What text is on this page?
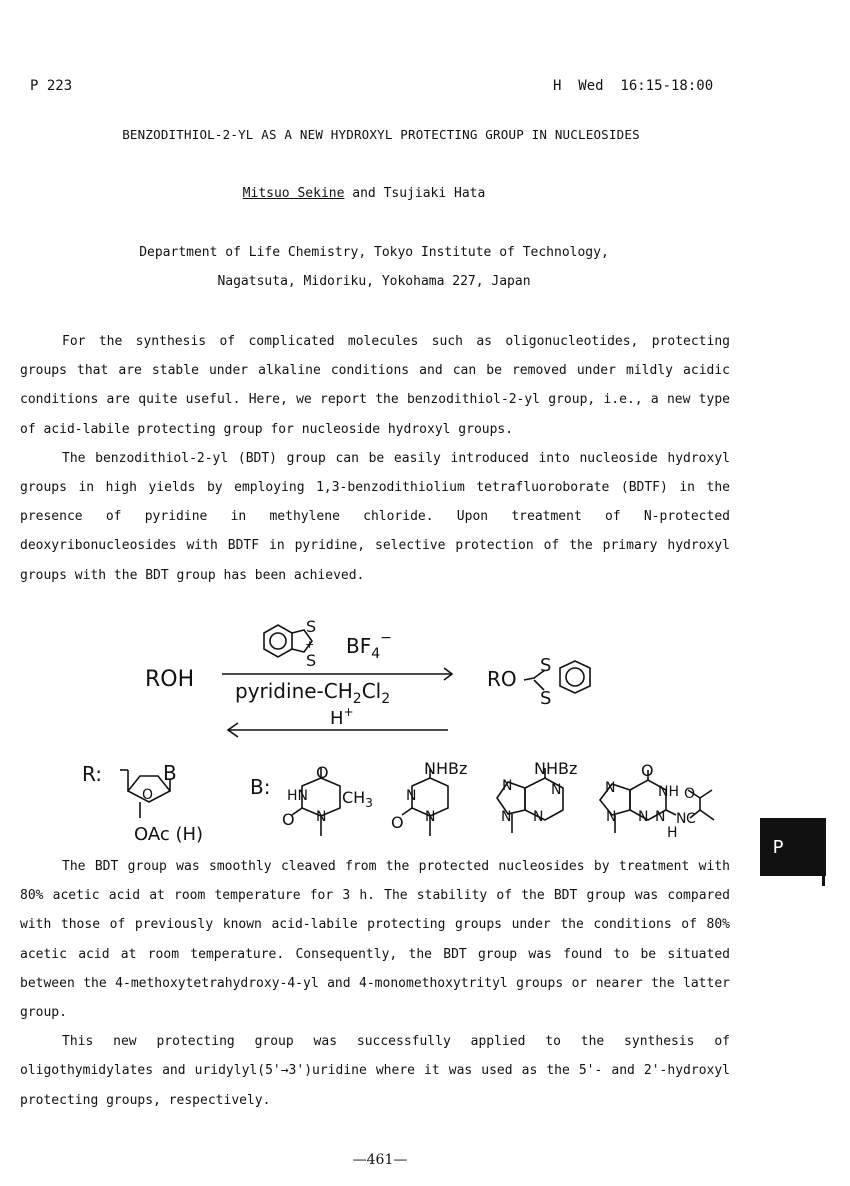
P 223	H  Wed  16:15-18:00
BENZODITHIOL-2-YL AS A NEW HYDROXYL PROTECTING GROUP IN NUCLEOSIDES
Mitsuo Sekine and Tsujiaki Hata
Department of Life Chemistry, Tokyo Institute of Technology,
Nagatsuta, Midoriku, Yokohama 227, Japan

For the synthesis of complicated molecules such as oligonucleotides, protecting groups that are stable under alkaline conditions and can be removed under mildly acidic conditions are quite useful. Here, we report the benzodithiol-2-yl group, i.e., a new type of acid-labile protecting group for nucleoside hydroxyl groups.

The benzodithiol-2-yl (BDT) group can be easily introduced into nucleoside hydroxyl groups in high yields by employing 1,3-benzodithiolium tetrafluoroborate (BDTF) in the presence of pyridine in methylene chloride. Upon treatment of N-protected deoxyribonucleosides with BDTF in pyridine, selective protection of the primary hydroxyl groups with the BDT group has been achieved.

ROH
S
S
+ $BF_4^-$
pyridine-$CH_2Cl_2$
H+
RO
S
S
R:	B
O
OAc (H)
B:
O
HN $CH_3$
O N
NHBz
N
O N
NHBz
N	N
N
N
O
N	NH
N N N N
H
O
C
P

The BDT group was smoothly cleaved from the protected nucleosides by treatment with 80% acetic acid at room temperature for 3 h. The stability of the BDT group was compared with those of previously known acid-labile protecting groups under the conditions of 80% acetic acid at room temperature. Consequently, the BDT group was found to be situated between the 4-methoxytetrahydroxy-4-yl and 4-monomethoxytrityl groups or nearer the latter group.

This new protecting group was successfully applied to the synthesis of oligothymidylates and uridylyl(5'→3')uridine where it was used as the 5'- and 2'-hydroxyl protecting groups, respectively.

—461—
